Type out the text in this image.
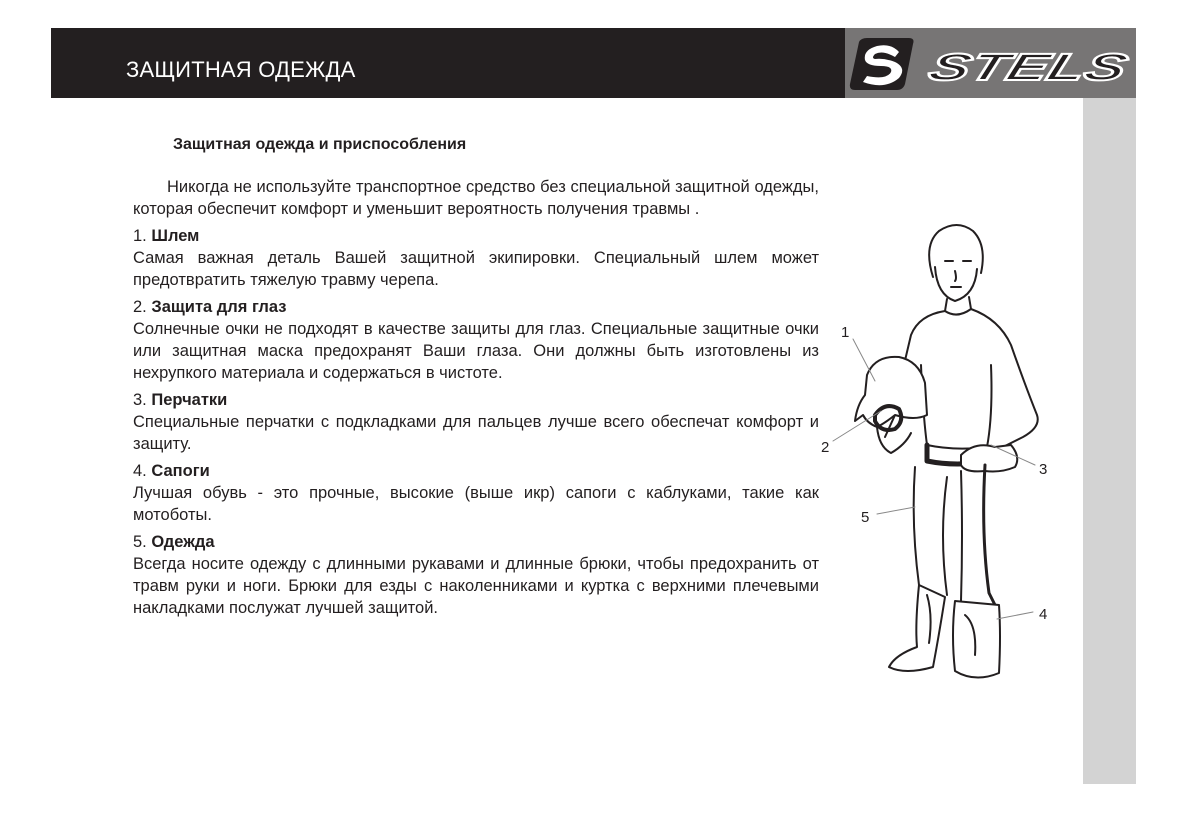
ЗАЩИТНАЯ ОДЕЖДА	STELS
Защитная одежда и приспособления

Никогда не используйте транспортное средство без специальной защитной одежды, которая обеспечит комфорт и уменьшит вероятность получения травмы .

1. Шлем

Самая важная деталь Вашей защитной экипировки. Специальный шлем может предотвратить тяжелую травму черепа.

2. Защита для глаз

Солнечные очки не подходят в качестве защиты для глаз. Специальные защитные очки или защитная маска предохранят Ваши глаза. Они должны быть изготовлены из нехрупкого материала и содержаться в чистоте.

3. Перчатки

Специальные перчатки с подкладками для пальцев лучше всего обеспечат комфорт и защиту.

4. Сапоги

Лучшая обувь - это прочные, высокие (выше икр) сапоги с каблуками, такие как мотоботы.

5. Одежда

Всегда носите одежду с длинными рукавами и длинные брюки, чтобы предохранить от травм руки и ноги. Брюки для езды с наколенниками и куртка с верхними плечевыми накладками послужат лучшей защитой.

1
2
3
4
5
